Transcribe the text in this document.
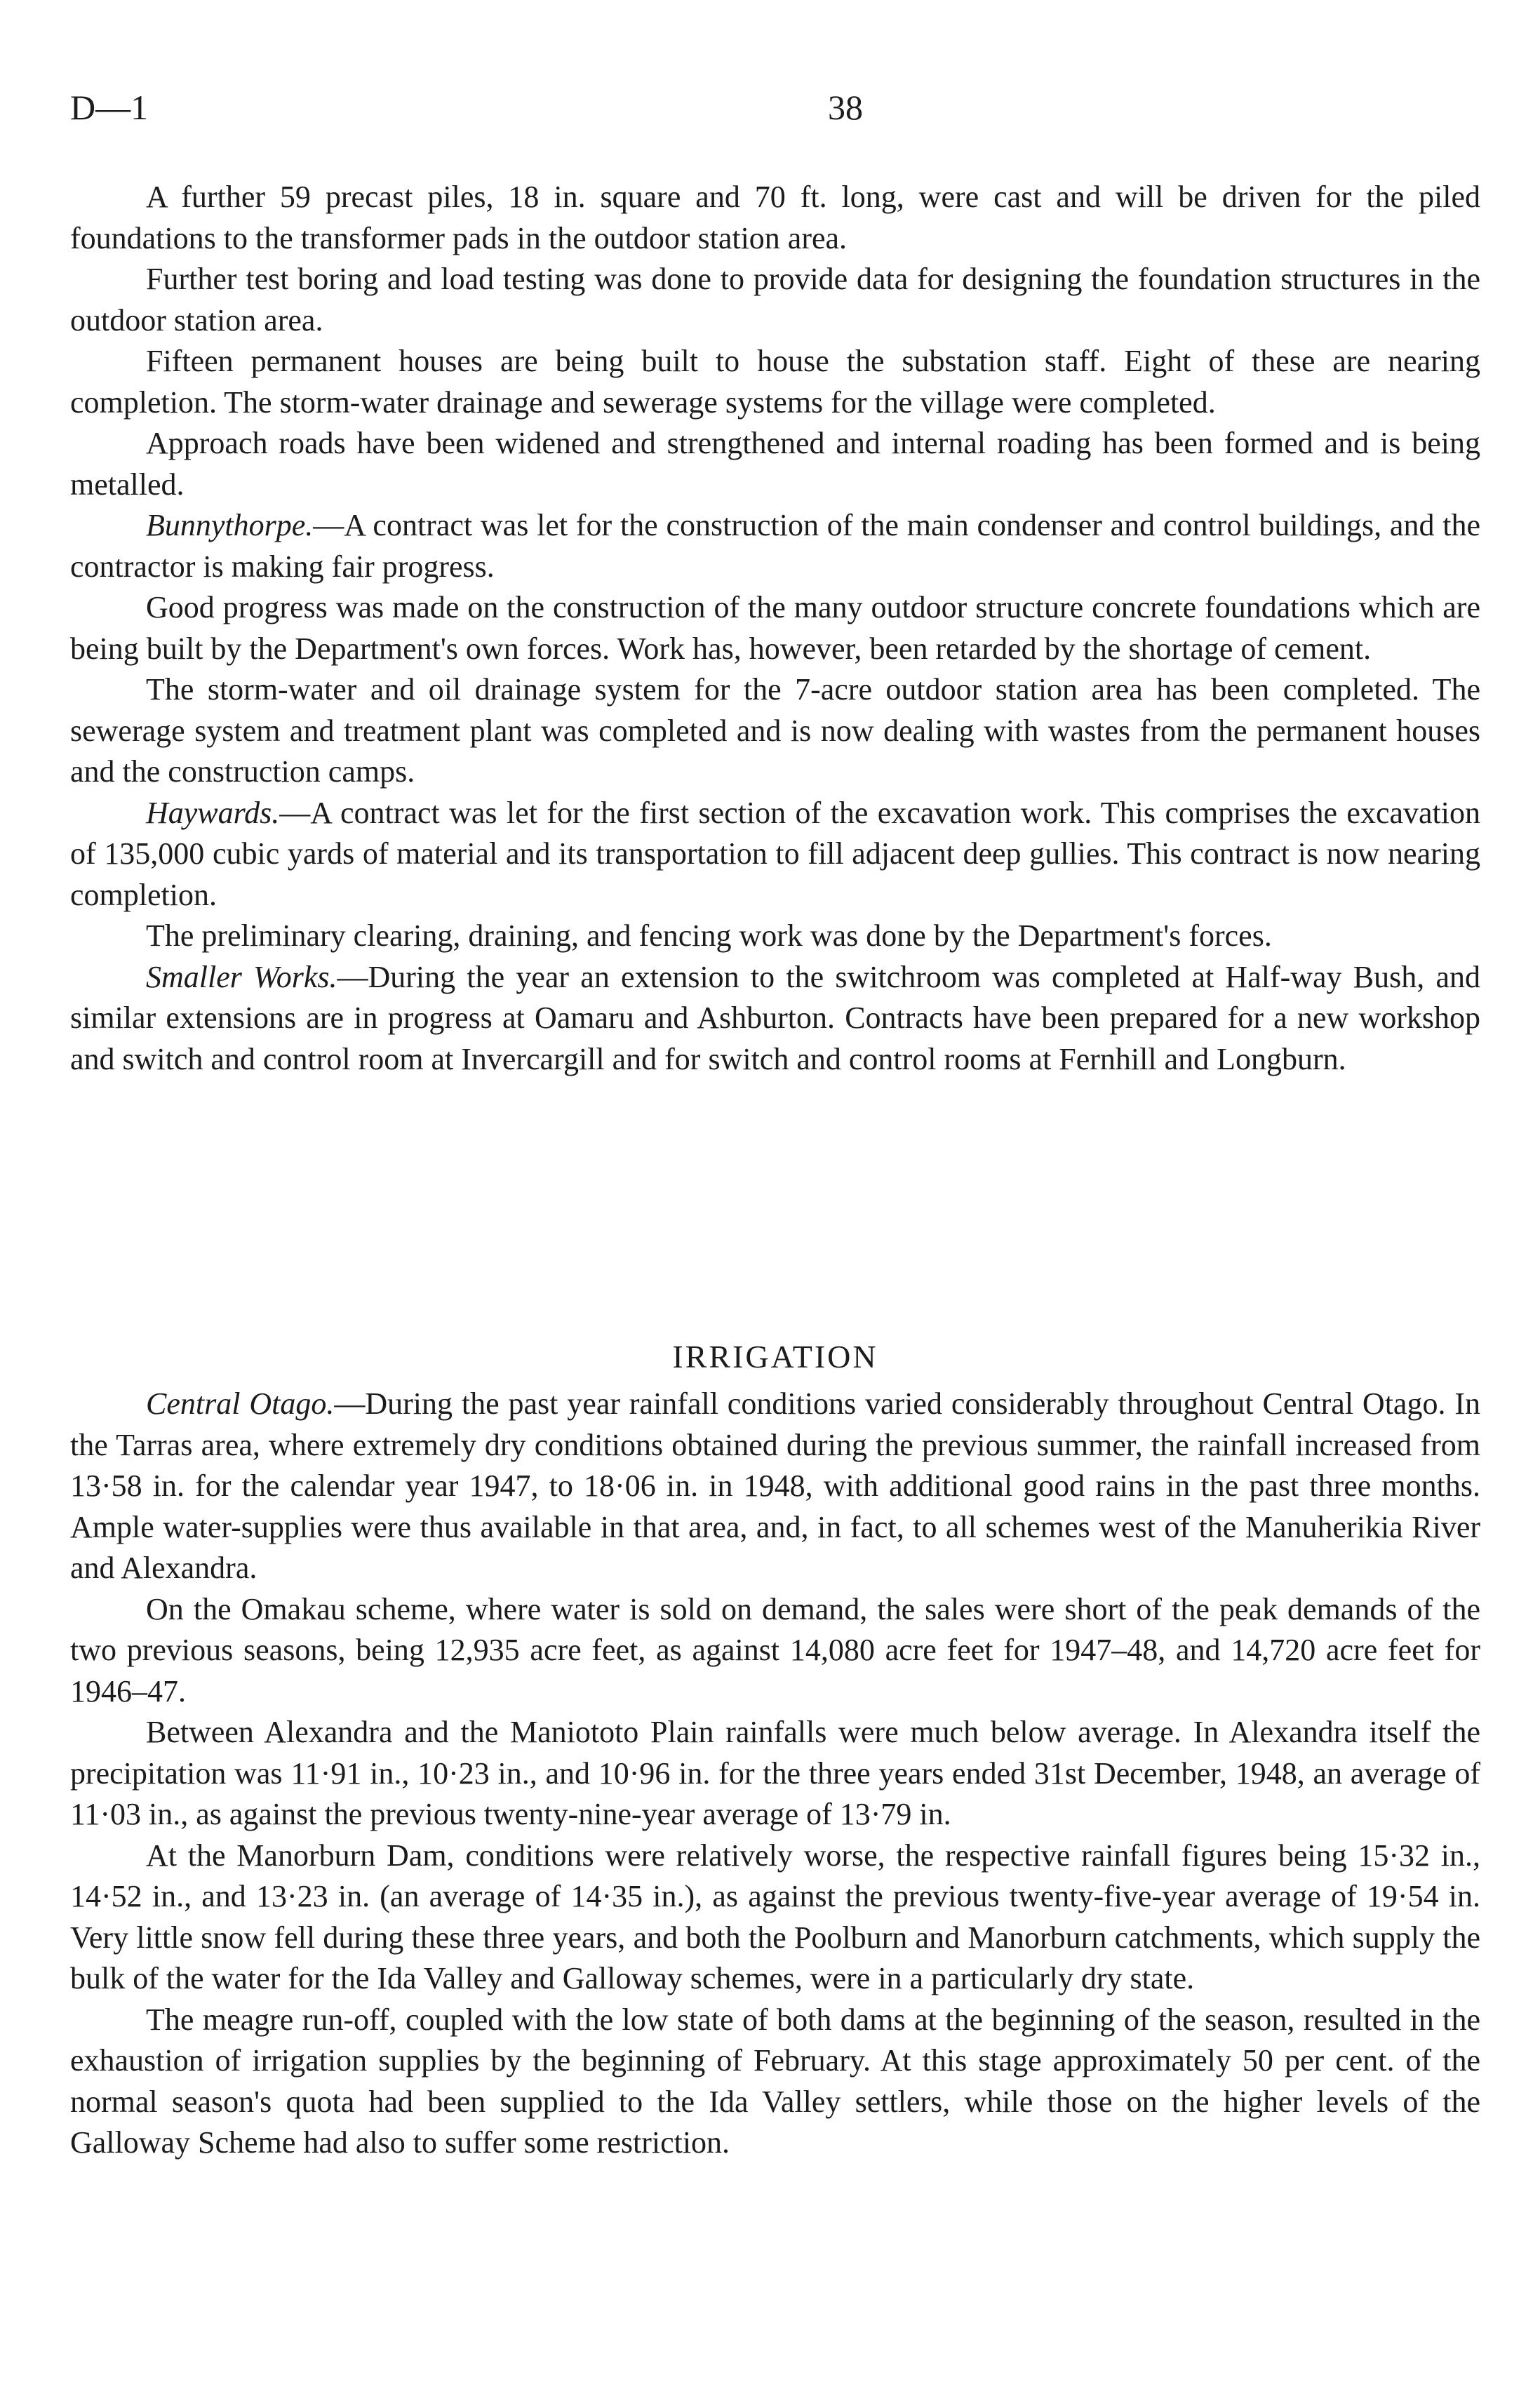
D—1	38

A further 59 precast piles, 18 in. square and 70 ft. long, were cast and will be driven for the piled foundations to the transformer pads in the outdoor station area.

Further test boring and load testing was done to provide data for designing the foundation structures in the outdoor station area.

Fifteen permanent houses are being built to house the substation staff. Eight of these are nearing completion. The storm-water drainage and sewerage systems for the village were completed.

Approach roads have been widened and strengthened and internal roading has been formed and is being metalled.

Bunnythorpe.—A contract was let for the construction of the main condenser and control buildings, and the contractor is making fair progress.

Good progress was made on the construction of the many outdoor structure concrete foundations which are being built by the Department's own forces. Work has, however, been retarded by the shortage of cement.

The storm-water and oil drainage system for the 7-acre outdoor station area has been completed. The sewerage system and treatment plant was completed and is now dealing with wastes from the permanent houses and the construction camps.

Haywards.—A contract was let for the first section of the excavation work. This comprises the excavation of 135,000 cubic yards of material and its transportation to fill adjacent deep gullies. This contract is now nearing completion.

The preliminary clearing, draining, and fencing work was done by the Department's forces.

Smaller Works.—During the year an extension to the switchroom was completed at Half-way Bush, and similar extensions are in progress at Oamaru and Ashburton. Contracts have been prepared for a new workshop and switch and control room at Invercargill and for switch and control rooms at Fernhill and Longburn.

IRRIGATION

Central Otago.—During the past year rainfall conditions varied considerably throughout Central Otago. In the Tarras area, where extremely dry conditions obtained during the previous summer, the rainfall increased from 13·58 in. for the calendar year 1947, to 18·06 in. in 1948, with additional good rains in the past three months. Ample water-supplies were thus available in that area, and, in fact, to all schemes west of the Manuherikia River and Alexandra.

On the Omakau scheme, where water is sold on demand, the sales were short of the peak demands of the two previous seasons, being 12,935 acre feet, as against 14,080 acre feet for 1947–48, and 14,720 acre feet for 1946–47.

Between Alexandra and the Maniototo Plain rainfalls were much below average. In Alexandra itself the precipitation was 11·91 in., 10·23 in., and 10·96 in. for the three years ended 31st December, 1948, an average of 11·03 in., as against the previous twenty-nine-year average of 13·79 in.

At the Manorburn Dam, conditions were relatively worse, the respective rainfall figures being 15·32 in., 14·52 in., and 13·23 in. (an average of 14·35 in.), as against the previous twenty-five-year average of 19·54 in. Very little snow fell during these three years, and both the Poolburn and Manorburn catchments, which supply the bulk of the water for the Ida Valley and Galloway schemes, were in a particularly dry state.

The meagre run-off, coupled with the low state of both dams at the beginning of the season, resulted in the exhaustion of irrigation supplies by the beginning of February. At this stage approximately 50 per cent. of the normal season's quota had been supplied to the Ida Valley settlers, while those on the higher levels of the Galloway Scheme had also to suffer some restriction.
